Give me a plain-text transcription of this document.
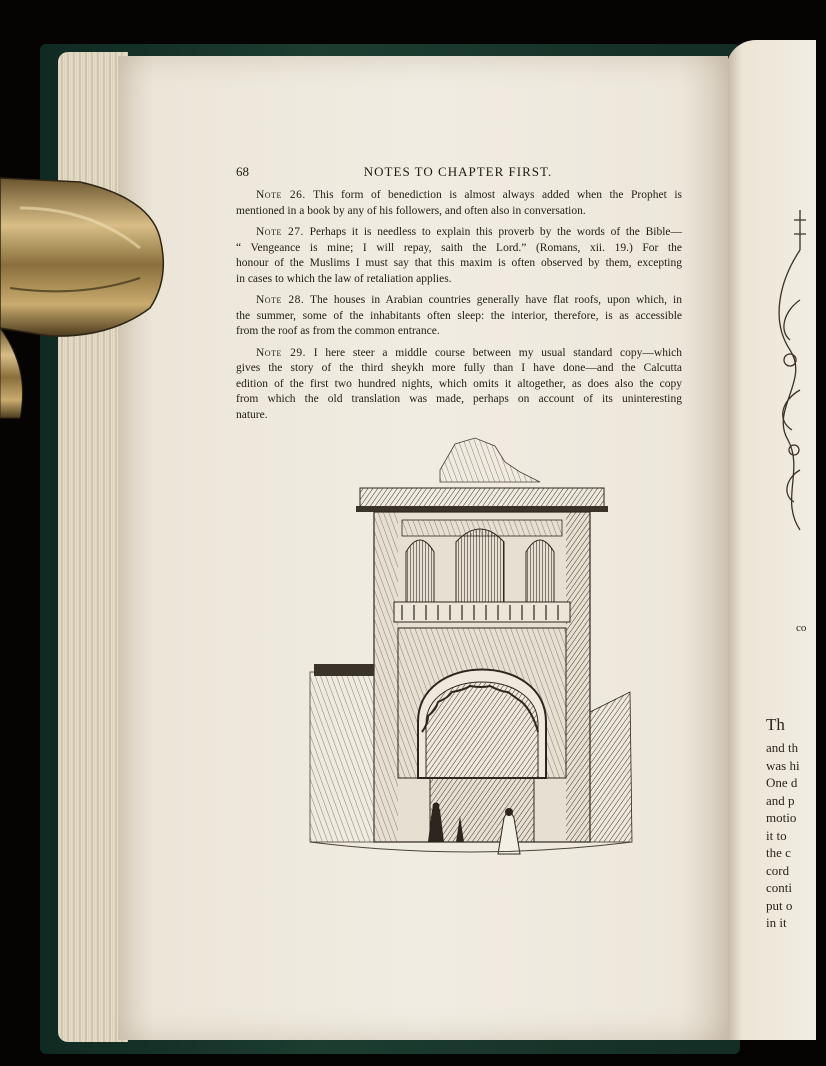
co
Th
and th
was hi
One d
and p
motio
it to
the c
cord
conti
put o
in it
68	NOTES TO CHAPTER FIRST.
Note 26. This form of benediction is almost always added when the Prophet is
mentioned in a book by any of his followers, and often also in conversation.
Note 27. Perhaps it is needless to explain this proverb by the words of the Bible—
“ Vengeance is mine; I will repay, saith the Lord.” (Romans, xii. 19.) For the
honour of the Muslims I must say that this maxim is often observed by them, excepting
in cases to which the law of retaliation applies.
Note 28. The houses in Arabian countries generally have flat roofs, upon which, in
the summer, some of the inhabitants often sleep: the interior, therefore, is as accessible
from the roof as from the common entrance.
Note 29. I here steer a middle course between my usual standard copy—which
gives the story of the third sheykh more fully than I have done—and the Calcutta
edition of the first two hundred nights, which omits it altogether, as does also the copy
from which the old translation was made, perhaps on account of its uninteresting
nature.
